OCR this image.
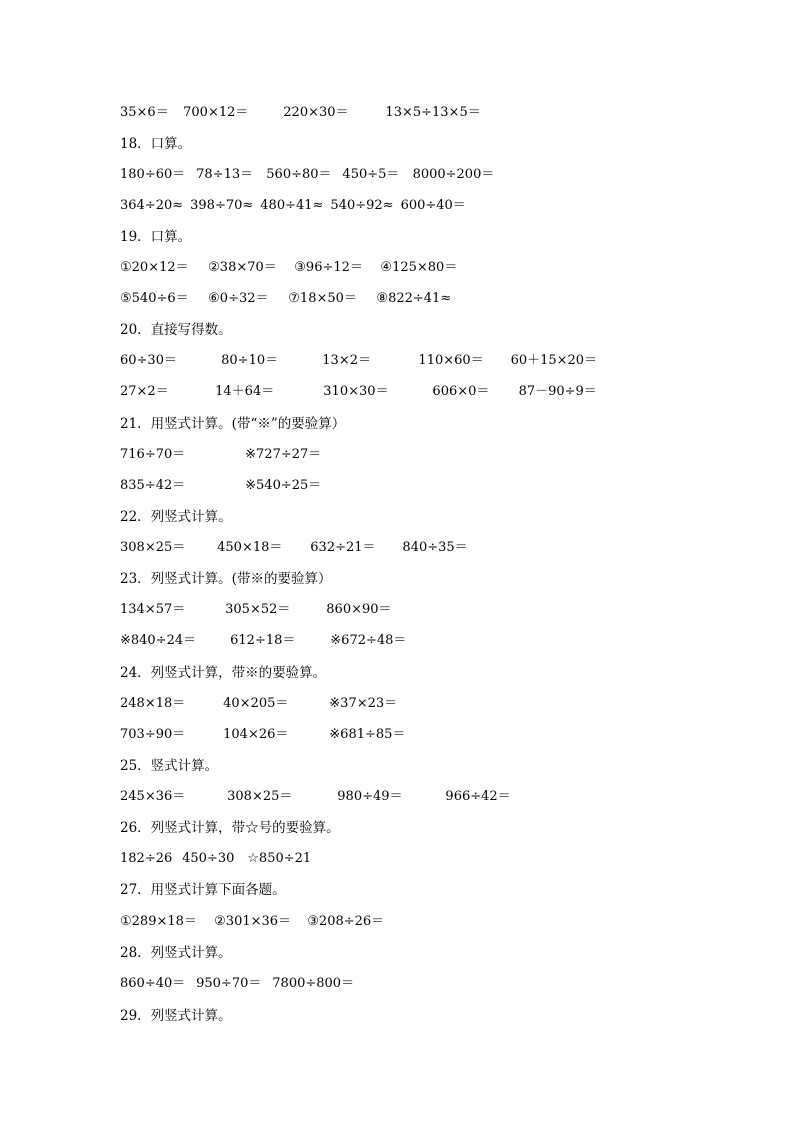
35×6＝ 700×12＝	220×30＝	13×5÷13×5＝
18．口算。
180÷60＝ 78÷13＝ 560÷80＝ 450÷5＝ 8000÷200＝
364÷20≈ 398÷70≈ 480÷41≈ 540÷92≈ 600÷40＝
19．口算。
①20×12＝ ②38×70＝ ③96÷12＝ ④125×80＝
⑤540÷6＝ ⑥0÷32＝ ⑦18×50＝ ⑧822÷41≈
20．直接写得数。
60÷30＝	80÷10＝	13×2＝	110×60＝ 60＋15×20＝
27×2＝	14＋64＝	310×30＝	606×0＝ 87－90÷9＝
21．用竖式计算。(带“※”的要验算）
716÷70＝	※727÷27＝
835÷42＝	※540÷25＝
22．列竖式计算。
308×25＝ 450×18＝ 632÷21＝ 840÷35＝
23．列竖式计算。(带※的要验算）
134×57＝	305×52＝	860×90＝
※840÷24＝	612÷18＝	※672÷48＝
24．列竖式计算，带※的要验算。
248×18＝	40×205＝	※37×23＝
703÷90＝	104×26＝	※681÷85＝
25．竖式计算。
245×36＝	308×25＝	980÷49＝	966÷42＝
26．列竖式计算，带☆号的要验算。
182÷26 450÷30 ☆850÷21
27．用竖式计算下面各题。
①289×18＝ ②301×36＝ ③208÷26＝
28．列竖式计算。
860÷40＝ 950÷70＝ 7800÷800＝
29．列竖式计算。
